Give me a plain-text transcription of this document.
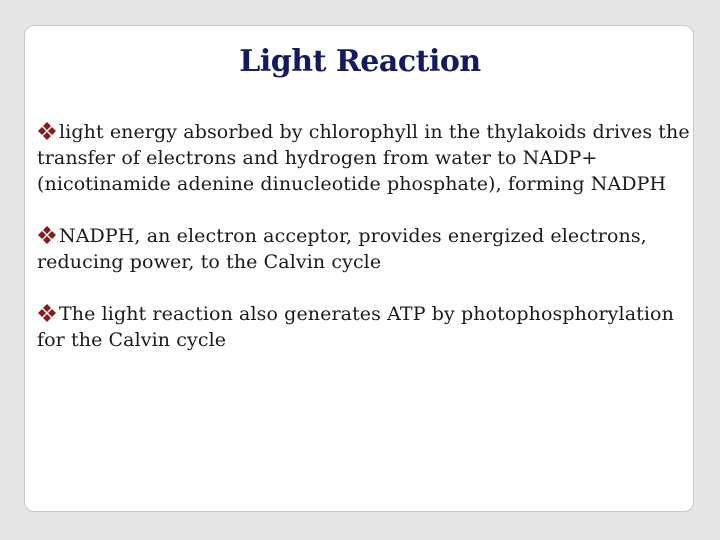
Light Reaction
light energy absorbed by chlorophyll in the thylakoids drives the transfer of electrons and hydrogen from water to NADP+ (nicotinamide adenine dinucleotide phosphate), forming NADPH
NADPH, an electron acceptor, provides energized electrons, reducing power, to the Calvin cycle
The light reaction also generates ATP by photophosphorylation for the Calvin cycle
